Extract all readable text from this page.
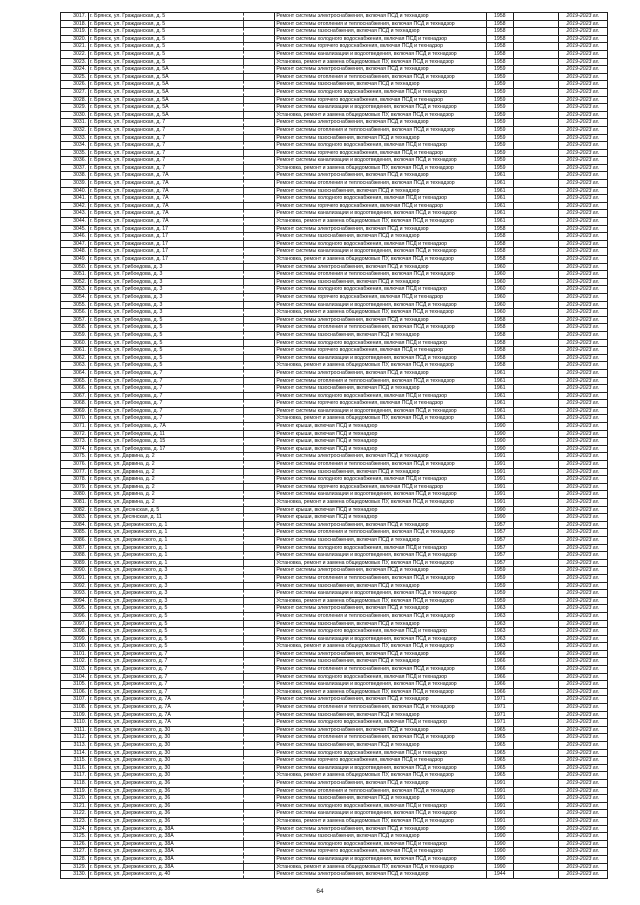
3017.	г. Брянск, ул. Гражданская, д. 5		Ремонт системы электроснабжения, включая ПСД и технадзор	1958		2019-2023 гг.
3018.	г. Брянск, ул. Гражданская, д. 5		Ремонт системы отопления и теплоснабжения, включая ПСД и технадзор	1958		2019-2023 гг.
3019.	г. Брянск, ул. Гражданская, д. 5		Ремонт системы газоснабжения, включая ПСД и технадзор	1958		2019-2023 гг.
3020.	г. Брянск, ул. Гражданская, д. 5		Ремонт системы холодного водоснабжения, включая ПСД и технадзор	1958		2019-2023 гг.
3021.	г. Брянск, ул. Гражданская, д. 5		Ремонт системы горячего водоснабжения, включая ПСД и технадзор	1958		2019-2023 гг.
3022.	г. Брянск, ул. Гражданская, д. 5		Ремонт системы канализации и водоотведения, включая ПСД и технадзор	1958		2019-2023 гг.
3023.	г. Брянск, ул. Гражданская, д. 5		Установка, ремонт и замена общедомовых ПУ, включая ПСД и технадзор	1958		2019-2023 гг.
3024.	г. Брянск, ул. Гражданская, д. 5А		Ремонт системы электроснабжения, включая ПСД и технадзор	1959		2019-2023 гг.
3025.	г. Брянск, ул. Гражданская, д. 5А		Ремонт системы отопления и теплоснабжения, включая ПСД и технадзор	1959		2019-2023 гг.
3026.	г. Брянск, ул. Гражданская, д. 5А		Ремонт системы газоснабжения, включая ПСД и технадзор	1959		2019-2023 гг.
3027.	г. Брянск, ул. Гражданская, д. 5А		Ремонт системы холодного водоснабжения, включая ПСД и технадзор	1959		2019-2023 гг.
3028.	г. Брянск, ул. Гражданская, д. 5А		Ремонт системы горячего водоснабжения, включая ПСД и технадзор	1959		2019-2023 гг.
3029.	г. Брянск, ул. Гражданская, д. 5А		Ремонт системы канализации и водоотведения, включая ПСД и технадзор	1959		2019-2023 гг.
3030.	г. Брянск, ул. Гражданская, д. 5А		Установка, ремонт и замена общедомовых ПУ, включая ПСД и технадзор	1959		2019-2023 гг.
3031.	г. Брянск, ул. Гражданская, д. 7		Ремонт системы электроснабжения, включая ПСД и технадзор	1959		2019-2023 гг.
3032.	г. Брянск, ул. Гражданская, д. 7		Ремонт системы отопления и теплоснабжения, включая ПСД и технадзор	1959		2019-2023 гг.
3033.	г. Брянск, ул. Гражданская, д. 7		Ремонт системы газоснабжения, включая ПСД и технадзор	1959		2019-2023 гг.
3034.	г. Брянск, ул. Гражданская, д. 7		Ремонт системы холодного водоснабжения, включая ПСД и технадзор	1959		2019-2023 гг.
3035.	г. Брянск, ул. Гражданская, д. 7		Ремонт системы горячего водоснабжения, включая ПСД и технадзор	1959		2019-2023 гг.
3036.	г. Брянск, ул. Гражданская, д. 7		Ремонт системы канализации и водоотведения, включая ПСД и технадзор	1959		2019-2023 гг.
3037.	г. Брянск, ул. Гражданская, д. 7		Установка, ремонт и замена общедомовых ПУ, включая ПСД и технадзор	1959		2019-2023 гг.
3038.	г. Брянск, ул. Гражданская, д. 7А		Ремонт системы электроснабжения, включая ПСД и технадзор	1961		2019-2023 гг.
3039.	г. Брянск, ул. Гражданская, д. 7А		Ремонт системы отопления и теплоснабжения, включая ПСД и технадзор	1961		2019-2023 гг.
3040.	г. Брянск, ул. Гражданская, д. 7А		Ремонт системы газоснабжения, включая ПСД и технадзор	1961		2019-2023 гг.
3041.	г. Брянск, ул. Гражданская, д. 7А		Ремонт системы холодного водоснабжения, включая ПСД и технадзор	1961		2019-2023 гг.
3042.	г. Брянск, ул. Гражданская, д. 7А		Ремонт системы горячего водоснабжения, включая ПСД и технадзор	1961		2019-2023 гг.
3043.	г. Брянск, ул. Гражданская, д. 7А		Ремонт системы канализации и водоотведения, включая ПСД и технадзор	1961		2019-2023 гг.
3044.	г. Брянск, ул. Гражданская, д. 7А		Установка, ремонт и замена общедомовых ПУ, включая ПСД и технадзор	1961		2019-2023 гг.
3045.	г. Брянск, ул. Гражданская, д. 17		Ремонт системы электроснабжения, включая ПСД и технадзор	1958		2019-2023 гг.
3046.	г. Брянск, ул. Гражданская, д. 17		Ремонт системы газоснабжения, включая ПСД и технадзор	1958		2019-2023 гг.
3047.	г. Брянск, ул. Гражданская, д. 17		Ремонт системы холодного водоснабжения, включая ПСД и технадзор	1958		2019-2023 гг.
3048.	г. Брянск, ул. Гражданская, д. 17		Ремонт системы канализации и водоотведения, включая ПСД и технадзор	1958		2019-2023 гг.
3049.	г. Брянск, ул. Гражданская, д. 17		Установка, ремонт и замена общедомовых ПУ, включая ПСД и технадзор	1958		2019-2023 гг.
3050.	г. Брянск, ул. Грибоедова, д. 3		Ремонт системы электроснабжения, включая ПСД и технадзор	1960		2019-2023 гг.
3051.	г. Брянск, ул. Грибоедова, д. 3		Ремонт системы отопления и теплоснабжения, включая ПСД и технадзор	1960		2019-2023 гг.
3052.	г. Брянск, ул. Грибоедова, д. 3		Ремонт системы газоснабжения, включая ПСД и технадзор	1960		2019-2023 гг.
3053.	г. Брянск, ул. Грибоедова, д. 3		Ремонт системы холодного водоснабжения, включая ПСД и технадзор	1960		2019-2023 гг.
3054.	г. Брянск, ул. Грибоедова, д. 3		Ремонт системы горячего водоснабжения, включая ПСД и технадзор	1960		2019-2023 гг.
3055.	г. Брянск, ул. Грибоедова, д. 3		Ремонт системы канализации и водоотведения, включая ПСД и технадзор	1960		2019-2023 гг.
3056.	г. Брянск, ул. Грибоедова, д. 3		Установка, ремонт и замена общедомовых ПУ, включая ПСД и технадзор	1960		2019-2023 гг.
3057.	г. Брянск, ул. Грибоедова, д. 5		Ремонт системы электроснабжения, включая ПСД и технадзор	1958		2019-2023 гг.
3058.	г. Брянск, ул. Грибоедова, д. 5		Ремонт системы отопления и теплоснабжения, включая ПСД и технадзор	1958		2019-2023 гг.
3059.	г. Брянск, ул. Грибоедова, д. 5		Ремонт системы газоснабжения, включая ПСД и технадзор	1958		2019-2023 гг.
3060.	г. Брянск, ул. Грибоедова, д. 5		Ремонт системы холодного водоснабжения, включая ПСД и технадзор	1958		2019-2023 гг.
3061.	г. Брянск, ул. Грибоедова, д. 5		Ремонт системы горячего водоснабжения, включая ПСД и технадзор	1958		2019-2023 гг.
3062.	г. Брянск, ул. Грибоедова, д. 5		Ремонт системы канализации и водоотведения, включая ПСД и технадзор	1958		2019-2023 гг.
3063.	г. Брянск, ул. Грибоедова, д. 5		Установка, ремонт и замена общедомовых ПУ, включая ПСД и технадзор	1958		2019-2023 гг.
3064.	г. Брянск, ул. Грибоедова, д. 7		Ремонт системы электроснабжения, включая ПСД и технадзор	1961		2019-2023 гг.
3065.	г. Брянск, ул. Грибоедова, д. 7		Ремонт системы отопления и теплоснабжения, включая ПСД и технадзор	1961		2019-2023 гг.
3066.	г. Брянск, ул. Грибоедова, д. 7		Ремонт системы газоснабжения, включая ПСД и технадзор	1961		2019-2023 гг.
3067.	г. Брянск, ул. Грибоедова, д. 7		Ремонт системы холодного водоснабжения, включая ПСД и технадзор	1961		2019-2023 гг.
3068.	г. Брянск, ул. Грибоедова, д. 7		Ремонт системы горячего водоснабжения, включая ПСД и технадзор	1961		2019-2023 гг.
3069.	г. Брянск, ул. Грибоедова, д. 7		Ремонт системы канализации и водоотведения, включая ПСД и технадзор	1961		2019-2023 гг.
3070.	г. Брянск, ул. Грибоедова, д. 7		Установка, ремонт и замена общедомовых ПУ, включая ПСД и технадзор	1961		2019-2023 гг.
3071.	г. Брянск, ул. Грибоедова, д. 7А		Ремонт крыши, включая ПСД и технадзор	1990		2019-2023 гг.
3072.	г. Брянск, ул. Грибоедова, д. 11		Ремонт крыши, включая ПСД и технадзор	1990		2019-2023 гг.
3073.	г. Брянск, ул. Грибоедова, д. 15		Ремонт крыши, включая ПСД и технадзор	1990		2019-2023 гг.
3074.	г. Брянск, ул. Грибоедова, д. 17		Ремонт крыши, включая ПСД и технадзор	1990		2019-2023 гг.
3075.	г. Брянск, ул. Дарвина, д. 2		Ремонт системы электроснабжения, включая ПСД и технадзор	1991		2019-2023 гг.
3076.	г. Брянск, ул. Дарвина, д. 2		Ремонт системы отопления и теплоснабжения, включая ПСД и технадзор	1991		2019-2023 гг.
3077.	г. Брянск, ул. Дарвина, д. 2		Ремонт системы газоснабжения, включая ПСД и технадзор	1991		2019-2023 гг.
3078.	г. Брянск, ул. Дарвина, д. 2		Ремонт системы холодного водоснабжения, включая ПСД и технадзор	1991		2019-2023 гг.
3079.	г. Брянск, ул. Дарвина, д. 2		Ремонт системы горячего водоснабжения, включая ПСД и технадзор	1991		2019-2023 гг.
3080.	г. Брянск, ул. Дарвина, д. 2		Ремонт системы канализации и водоотведения, включая ПСД и технадзор	1991		2019-2023 гг.
3081.	г. Брянск, ул. Дарвина, д. 2		Установка, ремонт и замена общедомовых ПУ, включая ПСД и технадзор	1991		2019-2023 гг.
3082.	г. Брянск, ул. Десянская, д. 5		Ремонт крыши, включая ПСД и технадзор	1990		2019-2023 гг.
3083.	г. Брянск, ул. Десянская, д. 11		Ремонт крыши, включая ПСД и технадзор	1990		2019-2023 гг.
3084.	г. Брянск, ул. Дзержинского, д. 1		Ремонт системы электроснабжения, включая ПСД и технадзор	1957		2019-2023 гг.
3085.	г. Брянск, ул. Дзержинского, д. 1		Ремонт системы отопления и теплоснабжения, включая ПСД и технадзор	1957		2019-2023 гг.
3086.	г. Брянск, ул. Дзержинского, д. 1		Ремонт системы газоснабжения, включая ПСД и технадзор	1957		2019-2023 гг.
3087.	г. Брянск, ул. Дзержинского, д. 1		Ремонт системы холодного водоснабжения, включая ПСД и технадзор	1957		2019-2023 гг.
3088.	г. Брянск, ул. Дзержинского, д. 1		Ремонт системы канализации и водоотведения, включая ПСД и технадзор	1957		2019-2023 гг.
3089.	г. Брянск, ул. Дзержинского, д. 1		Установка, ремонт и замена общедомовых ПУ, включая ПСД и технадзор	1957		2019-2023 гг.
3090.	г. Брянск, ул. Дзержинского, д. 3		Ремонт системы электроснабжения, включая ПСД и технадзор	1959		2019-2023 гг.
3091.	г. Брянск, ул. Дзержинского, д. 3		Ремонт системы отопления и теплоснабжения, включая ПСД и технадзор	1959		2019-2023 гг.
3092.	г. Брянск, ул. Дзержинского, д. 3		Ремонт системы газоснабжения, включая ПСД и технадзор	1959		2019-2023 гг.
3093.	г. Брянск, ул. Дзержинского, д. 3		Ремонт системы канализации и водоотведения, включая ПСД и технадзор	1959		2019-2023 гг.
3094.	г. Брянск, ул. Дзержинского, д. 3		Установка, ремонт и замена общедомовых ПУ, включая ПСД и технадзор	1959		2019-2023 гг.
3095.	г. Брянск, ул. Дзержинского, д. 5		Ремонт системы электроснабжения, включая ПСД и технадзор	1963		2019-2023 гг.
3096.	г. Брянск, ул. Дзержинского, д. 5		Ремонт системы отопления и теплоснабжения, включая ПСД и технадзор	1963		2019-2023 гг.
3097.	г. Брянск, ул. Дзержинского, д. 5		Ремонт системы газоснабжения, включая ПСД и технадзор	1963		2019-2023 гг.
3098.	г. Брянск, ул. Дзержинского, д. 5		Ремонт системы холодного водоснабжения, включая ПСД и технадзор	1963		2019-2023 гг.
3099.	г. Брянск, ул. Дзержинского, д. 5		Ремонт системы канализации и водоотведения, включая ПСД и технадзор	1963		2019-2023 гг.
3100.	г. Брянск, ул. Дзержинского, д. 5		Установка, ремонт и замена общедомовых ПУ, включая ПСД и технадзор	1963		2019-2023 гг.
3101.	г. Брянск, ул. Дзержинского, д. 7		Ремонт системы электроснабжения, включая ПСД и технадзор	1966		2019-2023 гг.
3102.	г. Брянск, ул. Дзержинского, д. 7		Ремонт системы газоснабжения, включая ПСД и технадзор	1966		2019-2023 гг.
3103.	г. Брянск, ул. Дзержинского, д. 7		Ремонт системы отопления и теплоснабжения, включая ПСД и технадзор	1966		2019-2023 гг.
3104.	г. Брянск, ул. Дзержинского, д. 7		Ремонт системы холодного водоснабжения, включая ПСД и технадзор	1966		2019-2023 гг.
3105.	г. Брянск, ул. Дзержинского, д. 7		Ремонт системы канализации и водоотведения, включая ПСД и технадзор	1966		2019-2023 гг.
3106.	г. Брянск, ул. Дзержинского, д. 7		Установка, ремонт и замена общедомовых ПУ, включая ПСД и технадзор	1966		2019-2023 гг.
3107.	г. Брянск, ул. Дзержинского, д. 7А		Ремонт системы электроснабжения, включая ПСД и технадзор	1971		2019-2023 гг.
3108.	г. Брянск, ул. Дзержинского, д. 7А		Ремонт системы отопления и теплоснабжения, включая ПСД и технадзор	1971		2019-2023 гг.
3109.	г. Брянск, ул. Дзержинского, д. 7А		Ремонт системы газоснабжения, включая ПСД и технадзор	1971		2019-2023 гг.
3110.	г. Брянск, ул. Дзержинского, д. 7А		Ремонт системы холодного водоснабжения, включая ПСД и технадзор	1971		2019-2023 гг.
3111.	г. Брянск, ул. Дзержинского, д. 30		Ремонт системы электроснабжения, включая ПСД и технадзор	1965		2019-2023 гг.
3112.	г. Брянск, ул. Дзержинского, д. 30		Ремонт системы отопления и теплоснабжения, включая ПСД и технадзор	1965		2019-2023 гг.
3113.	г. Брянск, ул. Дзержинского, д. 30		Ремонт системы газоснабжения, включая ПСД и технадзор	1965		2019-2023 гг.
3114.	г. Брянск, ул. Дзержинского, д. 30		Ремонт системы холодного водоснабжения, включая ПСД и технадзор	1965		2019-2023 гг.
3115.	г. Брянск, ул. Дзержинского, д. 30		Ремонт системы горячего водоснабжения, включая ПСД и технадзор	1965		2019-2023 гг.
3116.	г. Брянск, ул. Дзержинского, д. 30		Ремонт системы канализации и водоотведения, включая ПСД и технадзор	1965		2019-2023 гг.
3117.	г. Брянск, ул. Дзержинского, д. 30		Установка, ремонт и замена общедомовых ПУ, включая ПСД и технадзор	1965		2019-2023 гг.
3118.	г. Брянск, ул. Дзержинского, д. 36		Ремонт системы электроснабжения, включая ПСД и технадзор	1991		2019-2023 гг.
3119.	г. Брянск, ул. Дзержинского, д. 36		Ремонт системы отопления и теплоснабжения, включая ПСД и технадзор	1991		2019-2023 гг.
3120.	г. Брянск, ул. Дзержинского, д. 36		Ремонт системы газоснабжения, включая ПСД и технадзор	1991		2019-2023 гг.
3121.	г. Брянск, ул. Дзержинского, д. 36		Ремонт системы холодного водоснабжения, включая ПСД и технадзор	1991		2019-2023 гг.
3122.	г. Брянск, ул. Дзержинского, д. 36		Ремонт системы канализации и водоотведения, включая ПСД и технадзор	1991		2019-2023 гг.
3123.	г. Брянск, ул. Дзержинского, д. 36		Установка, ремонт и замена общедомовых ПУ, включая ПСД и технадзор	1991		2019-2023 гг.
3124.	г. Брянск, ул. Дзержинского, д. 38А		Ремонт системы электроснабжения, включая ПСД и технадзор	1990		2019-2023 гг.
3125.	г. Брянск, ул. Дзержинского, д. 38А		Ремонт системы газоснабжения, включая ПСД и технадзор	1990		2019-2023 гг.
3126.	г. Брянск, ул. Дзержинского, д. 38А		Ремонт системы холодного водоснабжения, включая ПСД и технадзор	1990		2019-2023 гг.
3127.	г. Брянск, ул. Дзержинского, д. 38А		Ремонт системы горячего водоснабжения, включая ПСД и технадзор	1990		2019-2023 гг.
3128.	г. Брянск, ул. Дзержинского, д. 38А		Ремонт системы канализации и водоотведения, включая ПСД и технадзор	1990		2019-2023 гг.
3129.	г. Брянск, ул. Дзержинского, д. 38А		Установка, ремонт и замена общедомовых ПУ, включая ПСД и технадзор	1990		2019-2023 гг.
3130.	г. Брянск, ул. Дзержинского, д. 40		Ремонт системы электроснабжения, включая ПСД и технадзор	1944		2019-2023 гг.
64
